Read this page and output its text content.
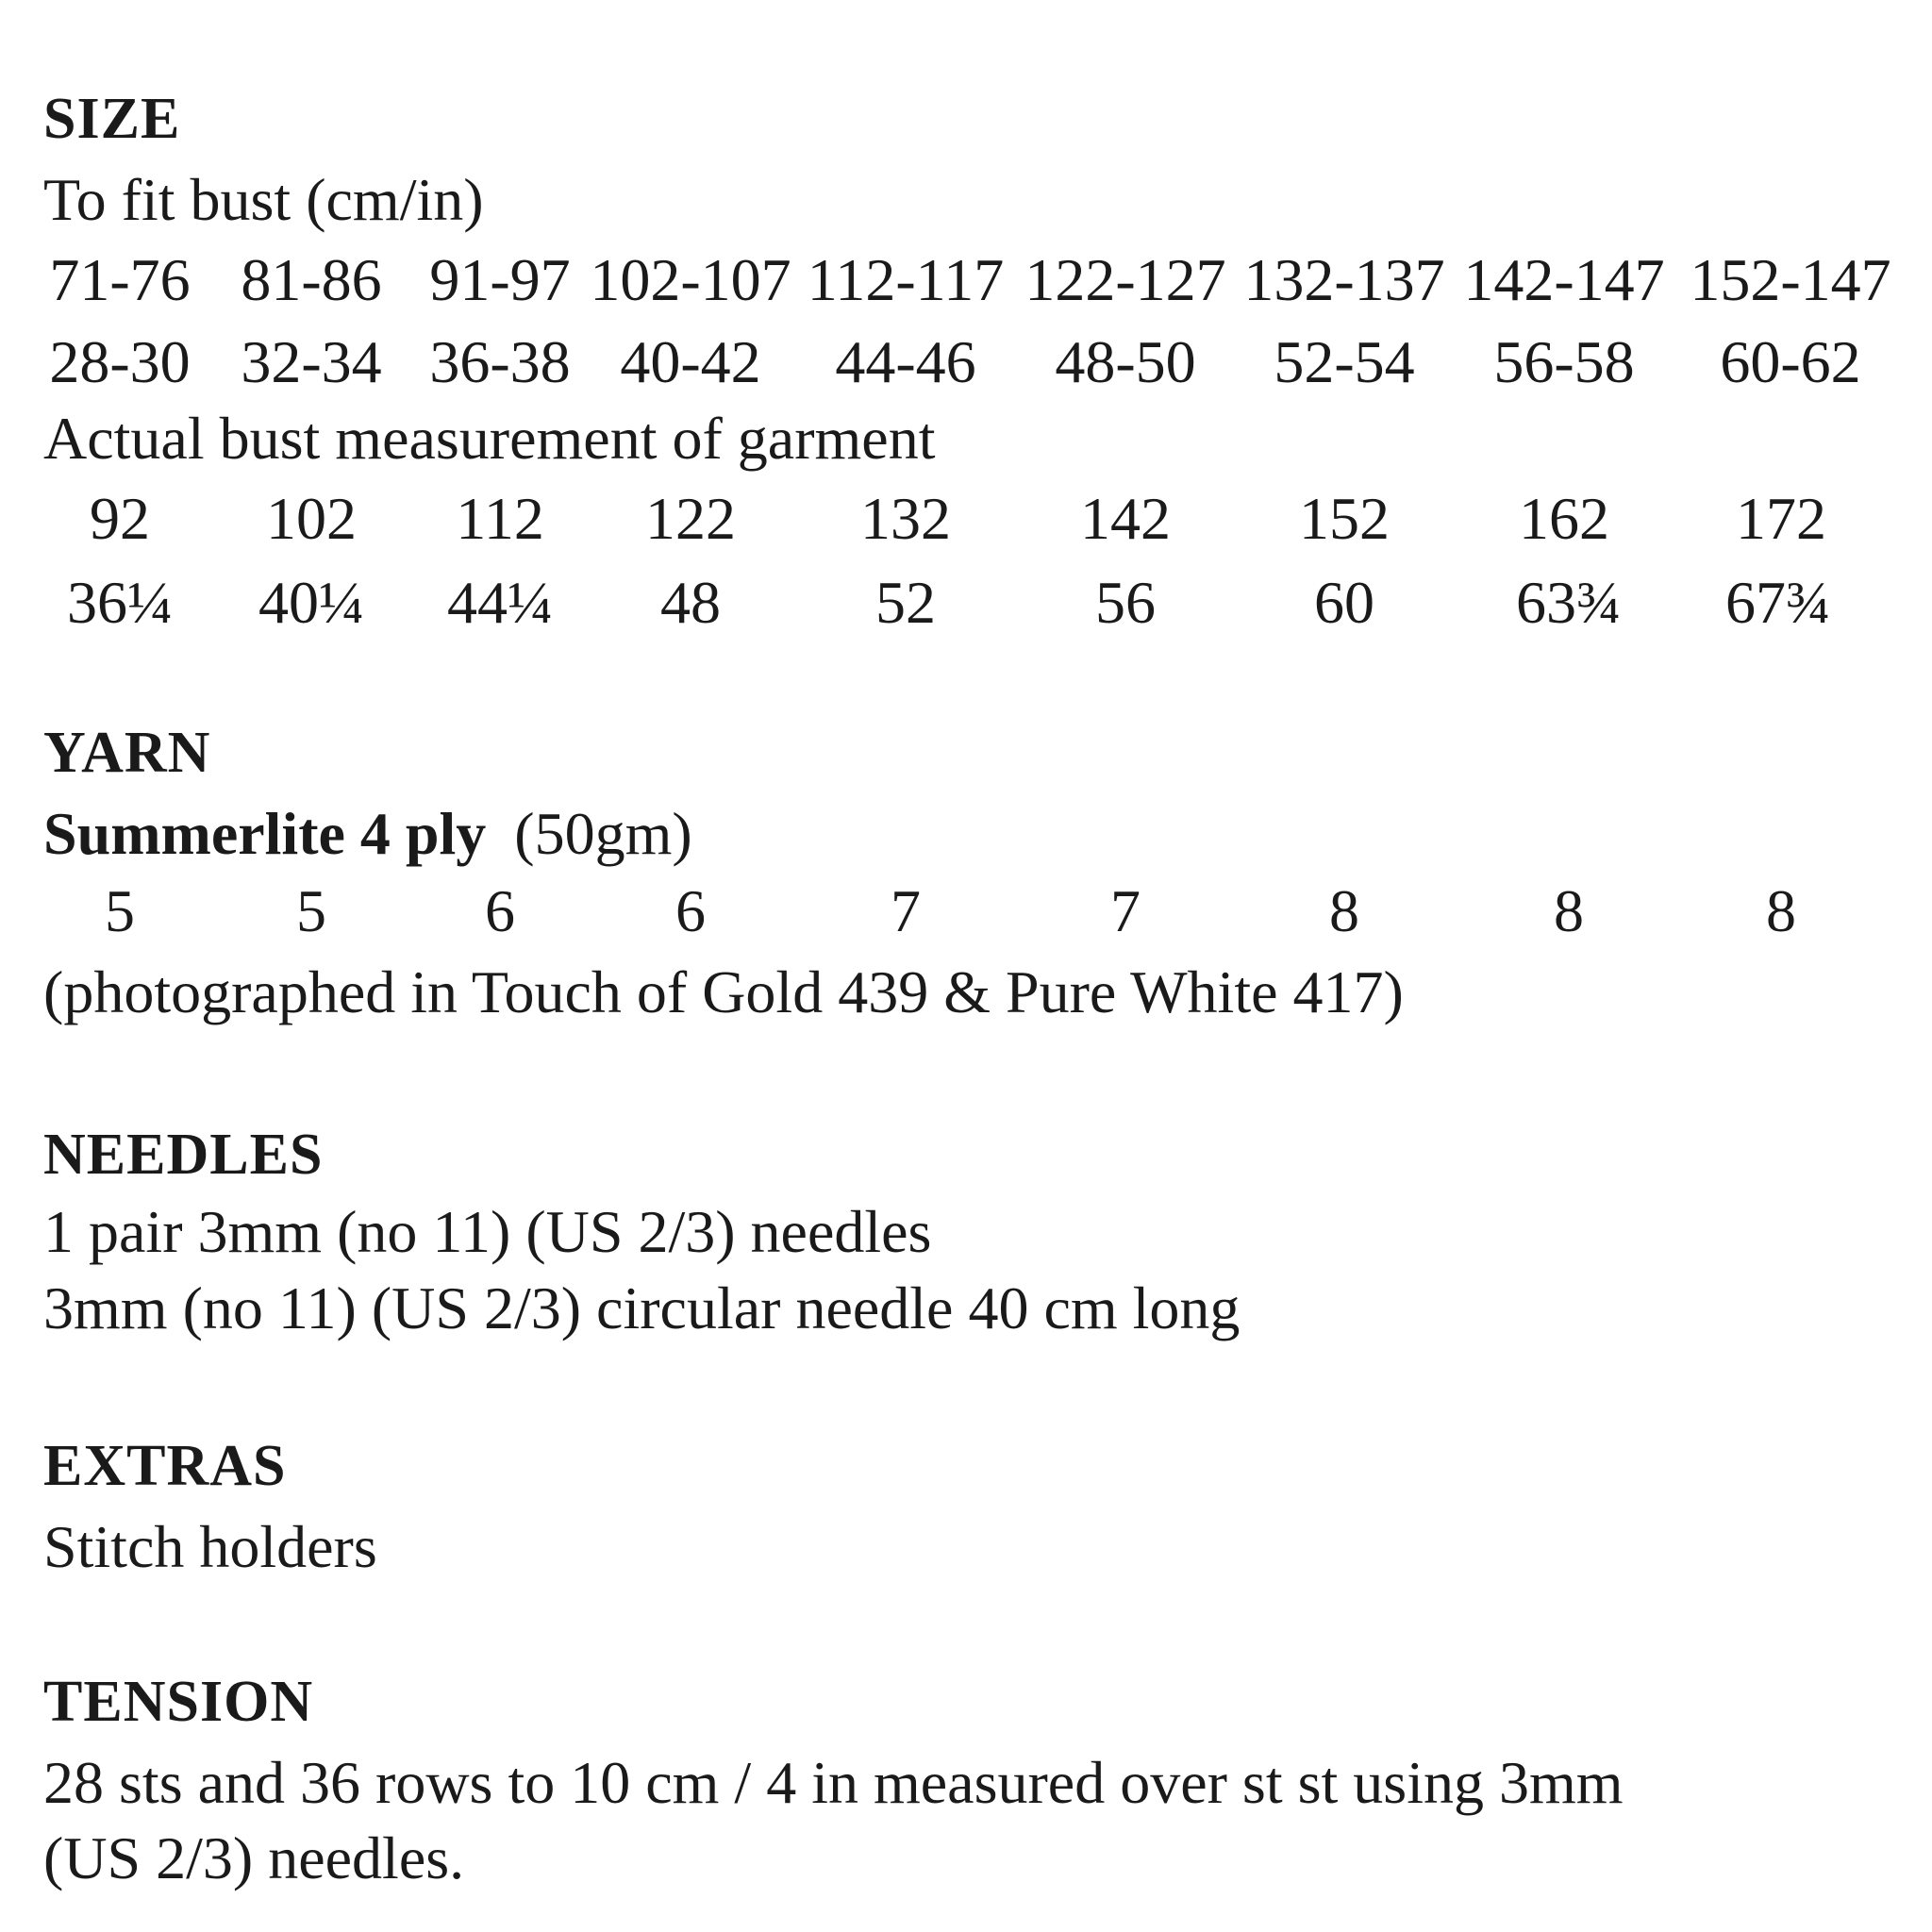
SIZE
To fit bust (cm/in)
71-76 81-86 91-97 102-107 112-117 122-127 132-137 142-147 152-147
28-30 32-34 36-38 40-42	44-46	48-50	52-54	56-58	60-62
Actual bust measurement of garment
92	102	112	122	132	142	152	162	172
36¼	40¼	44¼	48	52	56	60	63¾	67¾
YARN
Summerlite 4 ply (50gm)
5	5	6	6	7	7	8	8	8
(photographed in Touch of Gold 439 & Pure White 417)
NEEDLES
1 pair 3mm (no 11) (US 2/3) needles
3mm (no 11) (US 2/3) circular needle 40 cm long
EXTRAS
Stitch holders
TENSION
28 sts and 36 rows to 10 cm / 4 in measured over st st using 3mm
(US 2/3) needles.
